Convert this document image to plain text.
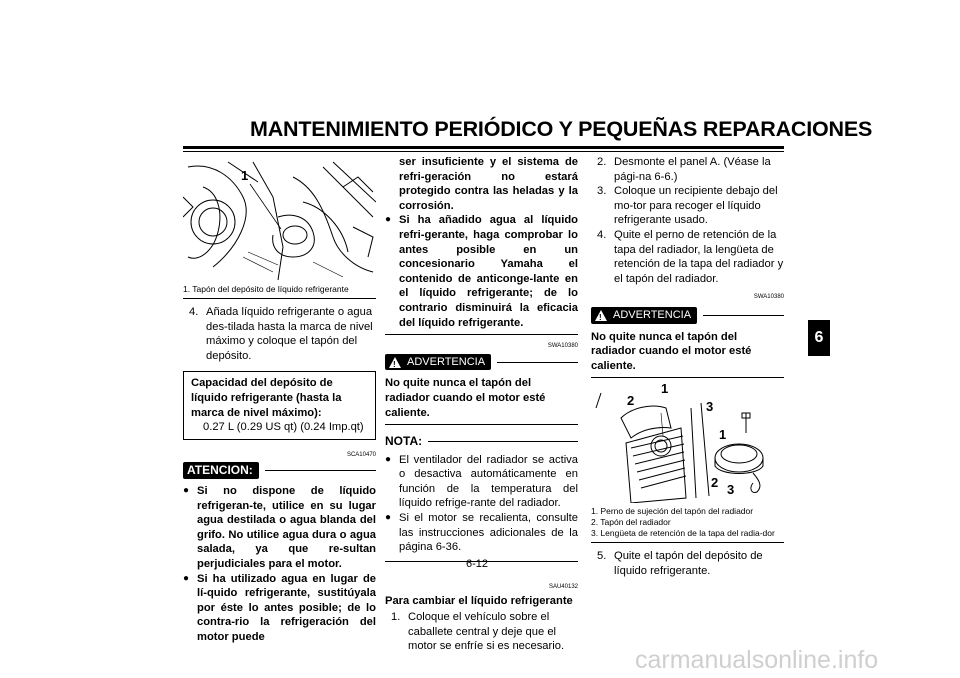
MANTENIMIENTO PERIÓDICO Y PEQUEÑAS REPARACIONES
6
1
1. Tapón del depósito de líquido refrigerante
4. Añada líquido refrigerante o agua des-tilada hasta la marca de nivel máximo y coloque el tapón del depósito.
Capacidad del depósito de líquido refrigerante (hasta la marca de nivel máximo):
0.27 L (0.29 US qt) (0.24 Imp.qt)
SCA10470
ATENCION:
● Si no dispone de líquido refrigeran-te, utilice en su lugar agua destilada o agua blanda del grifo. No utilice agua dura o agua salada, ya que re-sultan perjudiciales para el motor.
● Si ha utilizado agua en lugar de lí-quido refrigerante, sustitúyala por éste lo antes posible; de lo contra-rio la refrigeración del motor puede
ser insuficiente y el sistema de refri-geración no estará protegido contra las heladas y la corrosión.
● Si ha añadido agua al líquido refri-gerante, haga comprobar lo antes posible en un concesionario Yamaha el contenido de anticonge-lante en el líquido refrigerante; de lo contrario disminuirá la eficacia del líquido refrigerante.
SWA10380
! ADVERTENCIA
No quite nunca el tapón del radiador cuando el motor esté caliente.
NOTA:
● El ventilador del radiador se activa o desactiva automáticamente en función de la temperatura del líquido refrige-rante del radiador.
● Si el motor se recalienta, consulte las instrucciones adicionales de la página 6-36.
SAU40132
Para cambiar el líquido refrigerante
1. Coloque el vehículo sobre el caballete central y deje que el motor se enfríe si es necesario.
2. Desmonte el panel A. (Véase la pági-na 6-6.)
3. Coloque un recipiente debajo del mo-tor para recoger el líquido refrigerante usado.
4. Quite el perno de retención de la tapa del radiador, la lengüeta de retención de la tapa del radiador y el tapón del radiador.
SWA10380
! ADVERTENCIA
No quite nunca el tapón del radiador cuando el motor esté caliente.
2
1
3
1
2 3
1. Perno de sujeción del tapón del radiador
2. Tapón del radiador
3. Lengüeta de retención de la tapa del radia-dor
5. Quite el tapón del depósito de líquido refrigerante.
6-12
carmanualsonline.info
